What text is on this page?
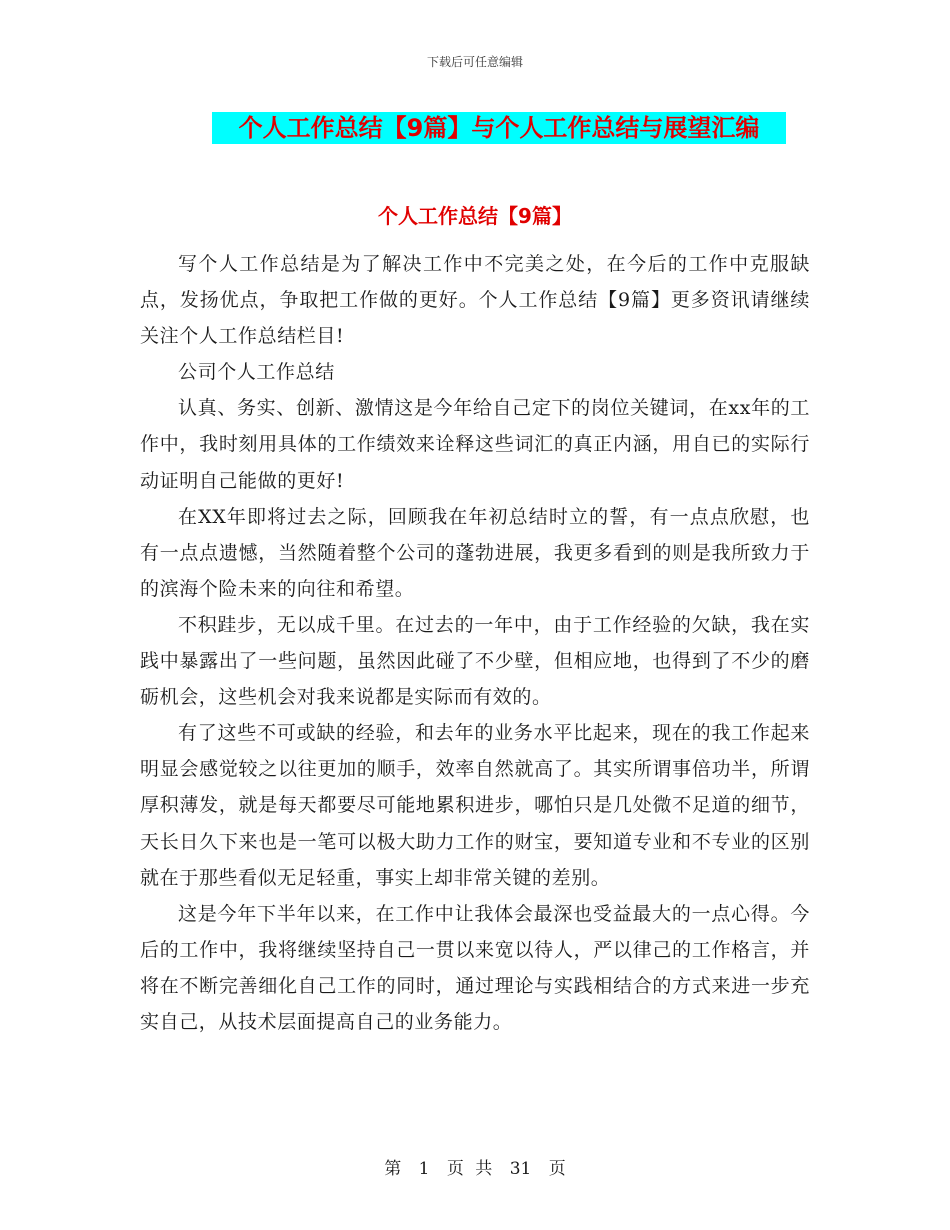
下载后可任意编辑
个人工作总结【9篇】与个人工作总结与展望汇编
个人工作总结【9篇】

写个人工作总结是为了解决工作中不完美之处，在今后的工作中克服缺点，发扬优点，争取把工作做的更好。个人工作总结【9篇】更多资讯请继续关注个人工作总结栏目!

公司个人工作总结

认真、务实、创新、激情这是今年给自己定下的岗位关键词，在xx年的工作中，我时刻用具体的工作绩效来诠释这些词汇的真正内涵，用自已的实际行动证明自己能做的更好!

在XX年即将过去之际，回顾我在年初总结时立的誓，有一点点欣慰，也有一点点遗憾，当然随着整个公司的蓬勃进展，我更多看到的则是我所致力于的滨海个险未来的向往和希望。

不积跬步，无以成千里。在过去的一年中，由于工作经验的欠缺，我在实践中暴露出了一些问题，虽然因此碰了不少壁，但相应地，也得到了不少的磨砺机会，这些机会对我来说都是实际而有效的。

有了这些不可或缺的经验，和去年的业务水平比起来，现在的我工作起来明显会感觉较之以往更加的顺手，效率自然就高了。其实所谓事倍功半，所谓厚积薄发，就是每天都要尽可能地累积进步，哪怕只是几处微不足道的细节，天长日久下来也是一笔可以极大助力工作的财宝，要知道专业和不专业的区别就在于那些看似无足轻重，事实上却非常关键的差别。

这是今年下半年以来，在工作中让我体会最深也受益最大的一点心得。今后的工作中，我将继续坚持自己一贯以来宽以待人，严以律己的工作格言，并将在不断完善细化自己工作的同时，通过理论与实践相结合的方式来进一步充实自己，从技术层面提高自己的业务能力。

第 1 页 共 31 页
